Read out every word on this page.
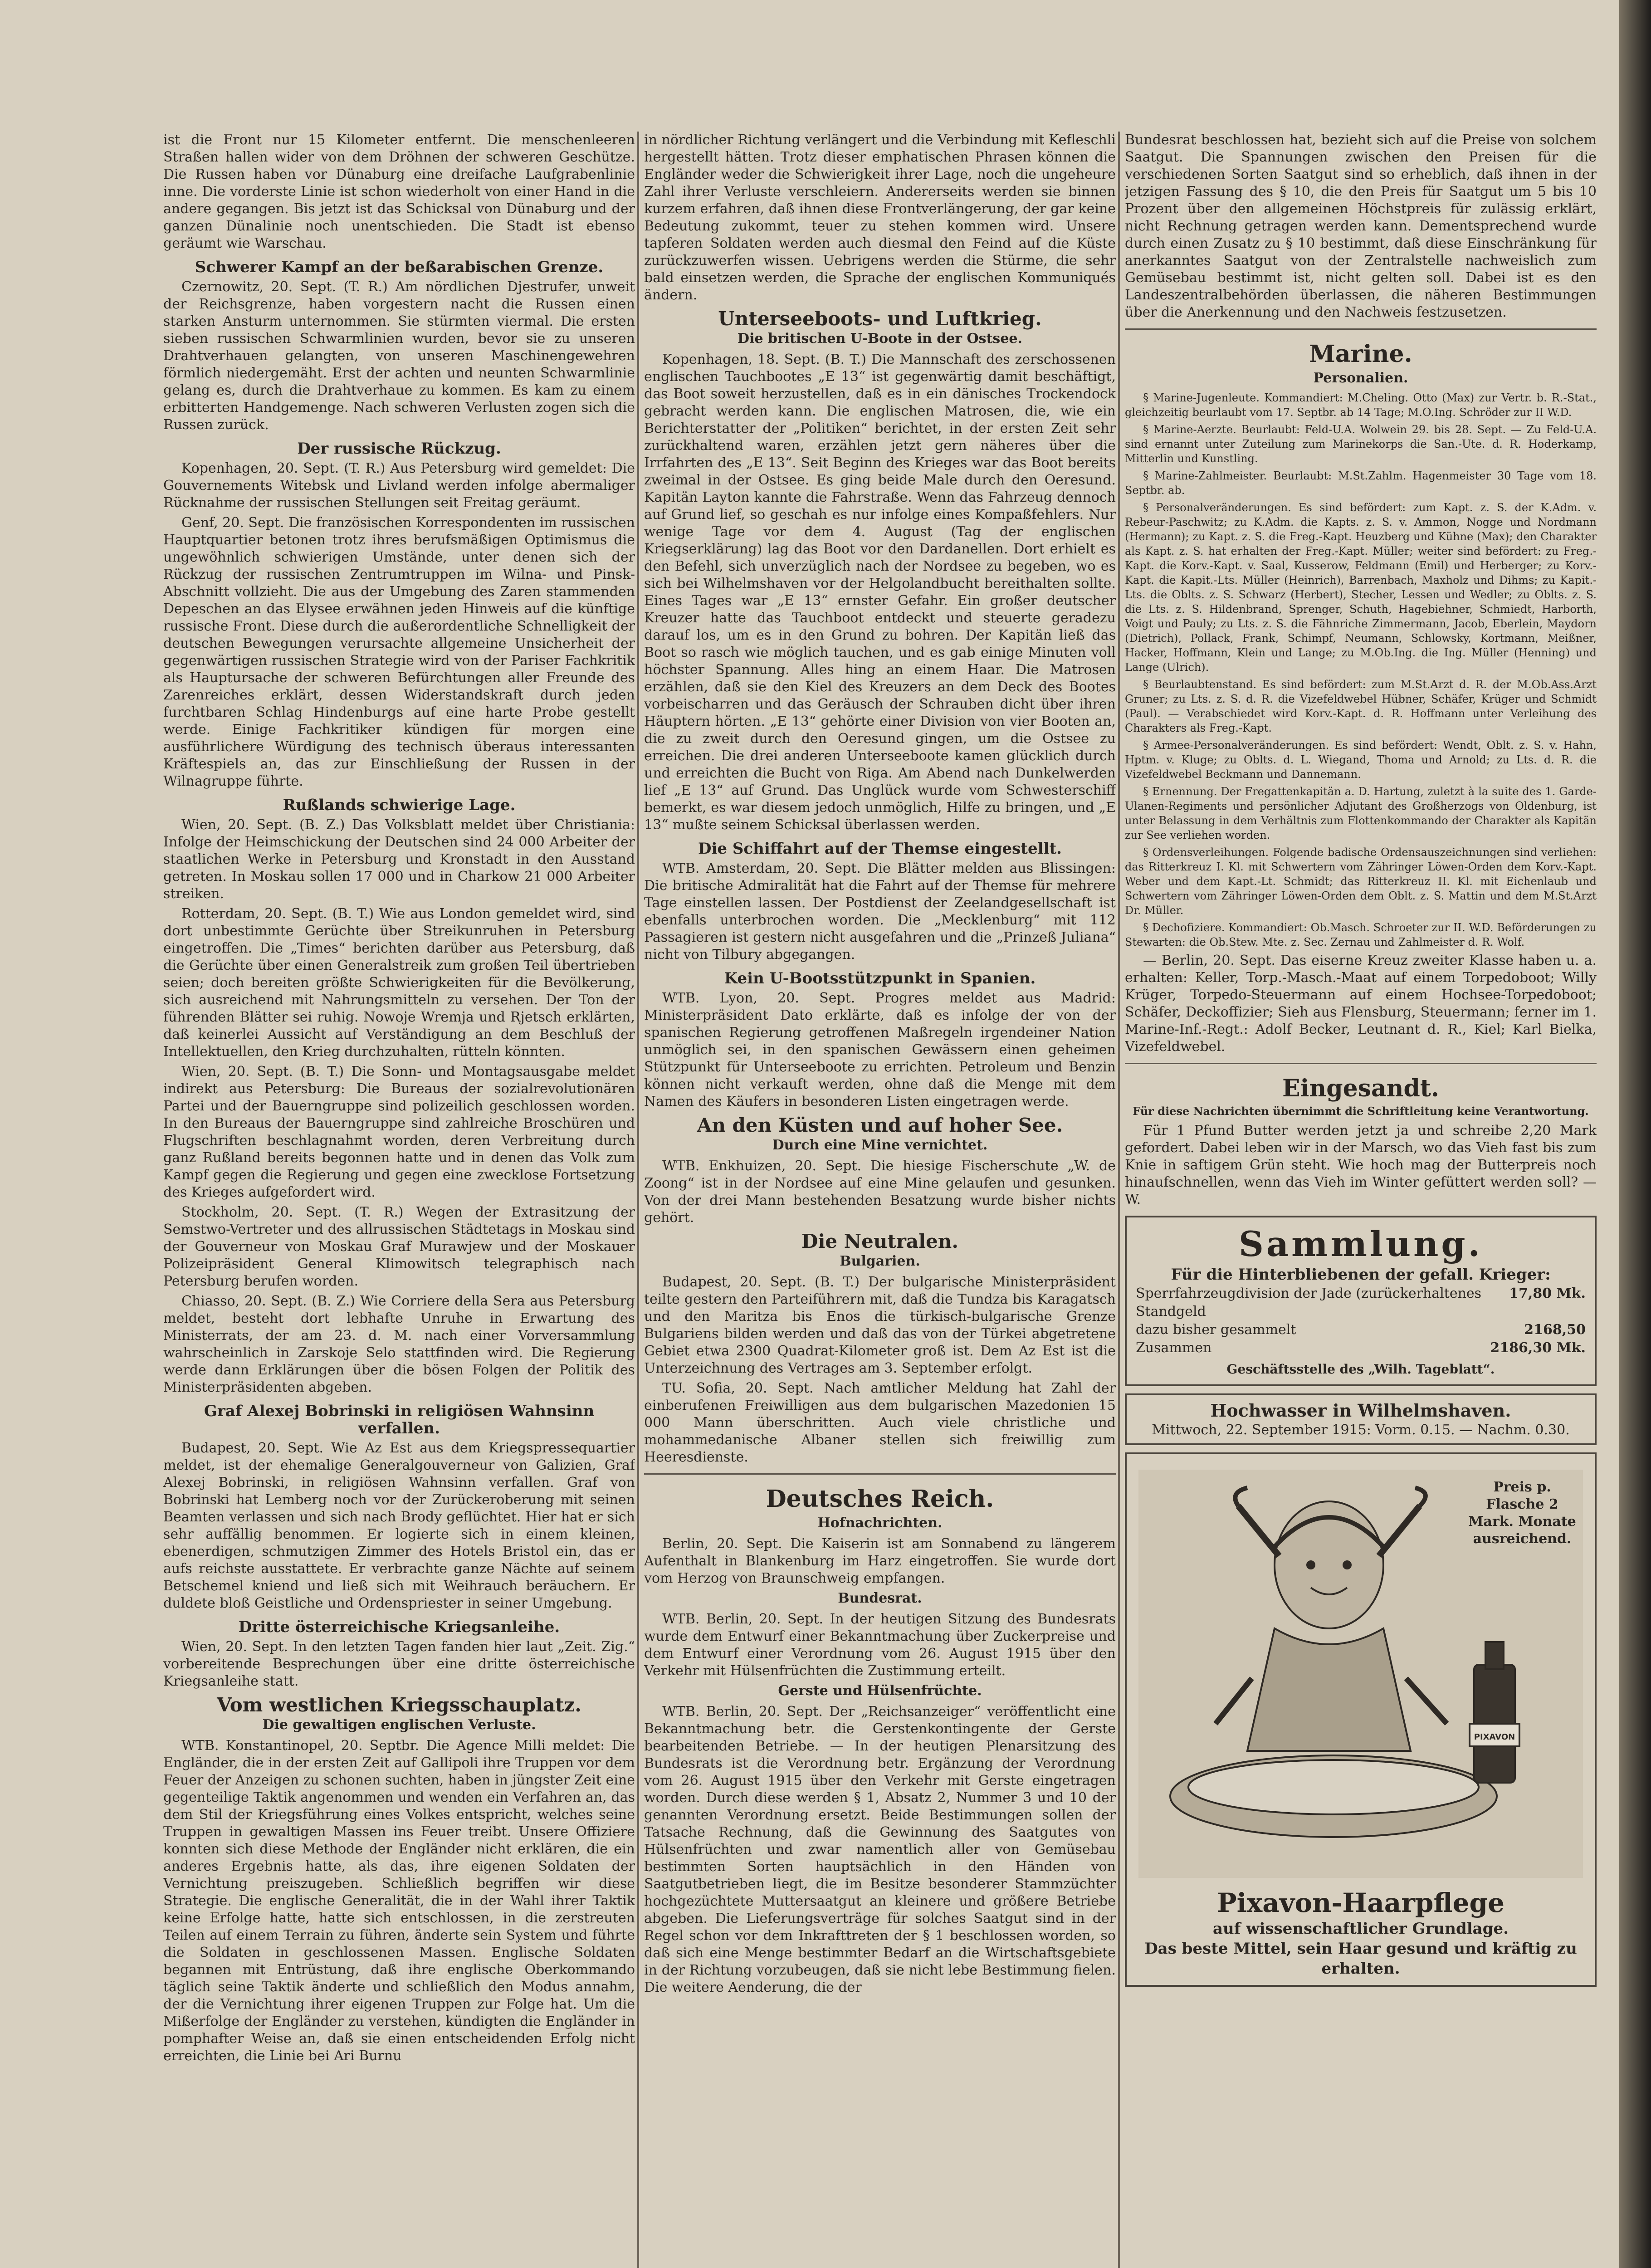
ist die Front nur 15 Kilometer entfernt. Die menschenleeren Straßen hallen wider von dem Dröhnen der schweren Geschütze. Die Russen haben vor Dünaburg eine dreifache Laufgrabenlinie inne. Die vorderste Linie ist schon wiederholt von einer Hand in die andere gegangen. Bis jetzt ist das Schicksal von Dünaburg und der ganzen Dünalinie noch unentschieden. Die Stadt ist ebenso geräumt wie Warschau.

Schwerer Kampf an der beßarabischen Grenze.

Czernowitz, 20. Sept. (T. R.) Am nördlichen Djestrufer, unweit der Reichsgrenze, haben vorgestern nacht die Russen einen starken Ansturm unternommen. Sie stürmten viermal. Die ersten sieben russischen Schwarmlinien wurden, bevor sie zu unseren Drahtverhauen gelangten, von unseren Maschinengewehren förmlich niedergemäht. Erst der achten und neunten Schwarmlinie gelang es, durch die Drahtverhaue zu kommen. Es kam zu einem erbitterten Handgemenge. Nach schweren Verlusten zogen sich die Russen zurück.

Der russische Rückzug.

Kopenhagen, 20. Sept. (T. R.) Aus Petersburg wird gemeldet: Die Gouvernements Witebsk und Livland werden infolge abermaliger Rücknahme der russischen Stellungen seit Freitag geräumt.

Genf, 20. Sept. Die französischen Korrespondenten im russischen Hauptquartier betonen trotz ihres berufsmäßigen Optimismus die ungewöhnlich schwierigen Umstände, unter denen sich der Rückzug der russischen Zentrumtruppen im Wilna- und Pinsk-Abschnitt vollzieht. Die aus der Umgebung des Zaren stammenden Depeschen an das Elysee erwähnen jeden Hinweis auf die künftige russische Front. Diese durch die außerordentliche Schnelligkeit der deutschen Bewegungen verursachte allgemeine Unsicherheit der gegenwärtigen russischen Strategie wird von der Pariser Fachkritik als Hauptursache der schweren Befürchtungen aller Freunde des Zarenreiches erklärt, dessen Widerstandskraft durch jeden furchtbaren Schlag Hindenburgs auf eine harte Probe gestellt werde. Einige Fachkritiker kündigen für morgen eine ausführlichere Würdigung des technisch überaus interessanten Kräftespiels an, das zur Einschließung der Russen in der Wilnagruppe führte.

Rußlands schwierige Lage.

Wien, 20. Sept. (B. Z.) Das Volksblatt meldet über Christiania: Infolge der Heimschickung der Deutschen sind 24 000 Arbeiter der staatlichen Werke in Petersburg und Kronstadt in den Ausstand getreten. In Moskau sollen 17 000 und in Charkow 21 000 Arbeiter streiken.

Rotterdam, 20. Sept. (B. T.) Wie aus London gemeldet wird, sind dort unbestimmte Gerüchte über Streikunruhen in Petersburg eingetroffen. Die „Times“ berichten darüber aus Petersburg, daß die Gerüchte über einen Generalstreik zum großen Teil übertrieben seien; doch bereiten größte Schwierigkeiten für die Bevölkerung, sich ausreichend mit Nahrungsmitteln zu versehen. Der Ton der führenden Blätter sei ruhig. Nowoje Wremja und Rjetsch erklärten, daß keinerlei Aussicht auf Verständigung an dem Beschluß der Intellektuellen, den Krieg durchzuhalten, rütteln könnten.

Wien, 20. Sept. (B. T.) Die Sonn- und Montagsausgabe meldet indirekt aus Petersburg: Die Bureaus der sozialrevolutionären Partei und der Bauerngruppe sind polizeilich geschlossen worden. In den Bureaus der Bauerngruppe sind zahlreiche Broschüren und Flugschriften beschlagnahmt worden, deren Verbreitung durch ganz Rußland bereits begonnen hatte und in denen das Volk zum Kampf gegen die Regierung und gegen eine zwecklose Fortsetzung des Krieges aufgefordert wird.

Stockholm, 20. Sept. (T. R.) Wegen der Extrasitzung der Semstwo-Vertreter und des allrussischen Städtetags in Moskau sind der Gouverneur von Moskau Graf Murawjew und der Moskauer Polizeipräsident General Klimowitsch telegraphisch nach Petersburg berufen worden.

Chiasso, 20. Sept. (B. Z.) Wie Corriere della Sera aus Petersburg meldet, besteht dort lebhafte Unruhe in Erwartung des Ministerrats, der am 23. d. M. nach einer Vorversammlung wahrscheinlich in Zarskoje Selo stattfinden wird. Die Regierung werde dann Erklärungen über die bösen Folgen der Politik des Ministerpräsidenten abgeben.

Graf Alexej Bobrinski in religiösen Wahnsinn verfallen.

Budapest, 20. Sept. Wie Az Est aus dem Kriegspressequartier meldet, ist der ehemalige Generalgouverneur von Galizien, Graf Alexej Bobrinski, in religiösen Wahnsinn verfallen. Graf von Bobrinski hat Lemberg noch vor der Zurückeroberung mit seinen Beamten verlassen und sich nach Brody geflüchtet. Hier hat er sich sehr auffällig benommen. Er logierte sich in einem kleinen, ebenerdigen, schmutzigen Zimmer des Hotels Bristol ein, das er aufs reichste ausstattete. Er verbrachte ganze Nächte auf seinem Betschemel kniend und ließ sich mit Weihrauch beräuchern. Er duldete bloß Geistliche und Ordenspriester in seiner Umgebung.

Dritte österreichische Kriegsanleihe.

Wien, 20. Sept. In den letzten Tagen fanden hier laut „Zeit. Zig.“ vorbereitende Besprechungen über eine dritte österreichische Kriegsanleihe statt.

Vom westlichen Kriegsschauplatz.

Die gewaltigen englischen Verluste.

WTB. Konstantinopel, 20. Septbr. Die Agence Milli meldet: Die Engländer, die in der ersten Zeit auf Gallipoli ihre Truppen vor dem Feuer der Anzeigen zu schonen suchten, haben in jüngster Zeit eine gegenteilige Taktik angenommen und wenden ein Verfahren an, das dem Stil der Kriegsführung eines Volkes entspricht, welches seine Truppen in gewaltigen Massen ins Feuer treibt. Unsere Offiziere konnten sich diese Methode der Engländer nicht erklären, die ein anderes Ergebnis hatte, als das, ihre eigenen Soldaten der Vernichtung preiszugeben. Schließlich begriffen wir diese Strategie. Die englische Generalität, die in der Wahl ihrer Taktik keine Erfolge hatte, hatte sich entschlossen, in die zerstreuten Teilen auf einem Terrain zu führen, änderte sein System und führte die Soldaten in geschlossenen Massen. Englische Soldaten begannen mit Entrüstung, daß ihre englische Oberkommando täglich seine Taktik änderte und schließlich den Modus annahm, der die Vernichtung ihrer eigenen Truppen zur Folge hat. Um die Mißerfolge der Engländer zu verstehen, kündigten die Engländer in pomphafter Weise an, daß sie einen entscheidenden Erfolg nicht erreichten, die Linie bei Ari Burnu

in nördlicher Richtung verlängert und die Verbindung mit Kefleschli hergestellt hätten. Trotz dieser emphatischen Phrasen können die Engländer weder die Schwierigkeit ihrer Lage, noch die ungeheure Zahl ihrer Verluste verschleiern. Andererseits werden sie binnen kurzem erfahren, daß ihnen diese Frontverlängerung, der gar keine Bedeutung zukommt, teuer zu stehen kommen wird. Unsere tapferen Soldaten werden auch diesmal den Feind auf die Küste zurückzuwerfen wissen. Uebrigens werden die Stürme, die sehr bald einsetzen werden, die Sprache der englischen Kommuniqués ändern.

Unterseeboots- und Luftkrieg.

Die britischen U-Boote in der Ostsee.

Kopenhagen, 18. Sept. (B. T.) Die Mannschaft des zerschossenen englischen Tauchbootes „E 13“ ist gegenwärtig damit beschäftigt, das Boot soweit herzustellen, daß es in ein dänisches Trockendock gebracht werden kann. Die englischen Matrosen, die, wie ein Berichterstatter der „Politiken“ berichtet, in der ersten Zeit sehr zurückhaltend waren, erzählen jetzt gern näheres über die Irrfahrten des „E 13“. Seit Beginn des Krieges war das Boot bereits zweimal in der Ostsee. Es ging beide Male durch den Oeresund. Kapitän Layton kannte die Fahrstraße. Wenn das Fahrzeug dennoch auf Grund lief, so geschah es nur infolge eines Kompaßfehlers. Nur wenige Tage vor dem 4. August (Tag der englischen Kriegserklärung) lag das Boot vor den Dardanellen. Dort erhielt es den Befehl, sich unverzüglich nach der Nordsee zu begeben, wo es sich bei Wilhelmshaven vor der Helgolandbucht bereithalten sollte. Eines Tages war „E 13“ ernster Gefahr. Ein großer deutscher Kreuzer hatte das Tauchboot entdeckt und steuerte geradezu darauf los, um es in den Grund zu bohren. Der Kapitän ließ das Boot so rasch wie möglich tauchen, und es gab einige Minuten voll höchster Spannung. Alles hing an einem Haar. Die Matrosen erzählen, daß sie den Kiel des Kreuzers an dem Deck des Bootes vorbeischarren und das Geräusch der Schrauben dicht über ihren Häuptern hörten. „E 13“ gehörte einer Division von vier Booten an, die zu zweit durch den Oeresund gingen, um die Ostsee zu erreichen. Die drei anderen Unterseeboote kamen glücklich durch und erreichten die Bucht von Riga. Am Abend nach Dunkelwerden lief „E 13“ auf Grund. Das Unglück wurde vom Schwesterschiff bemerkt, es war diesem jedoch unmöglich, Hilfe zu bringen, und „E 13“ mußte seinem Schicksal überlassen werden.

Die Schiffahrt auf der Themse eingestellt.

WTB. Amsterdam, 20. Sept. Die Blätter melden aus Blissingen: Die britische Admiralität hat die Fahrt auf der Themse für mehrere Tage einstellen lassen. Der Postdienst der Zeelandgesellschaft ist ebenfalls unterbrochen worden. Die „Mecklenburg“ mit 112 Passagieren ist gestern nicht ausgefahren und die „Prinzeß Juliana“ nicht von Tilbury abgegangen.

Kein U-Bootsstützpunkt in Spanien.

WTB. Lyon, 20. Sept. Progres meldet aus Madrid: Ministerpräsident Dato erklärte, daß es infolge der von der spanischen Regierung getroffenen Maßregeln irgendeiner Nation unmöglich sei, in den spanischen Gewässern einen geheimen Stützpunkt für Unterseeboote zu errichten. Petroleum und Benzin können nicht verkauft werden, ohne daß die Menge mit dem Namen des Käufers in besonderen Listen eingetragen werde.

An den Küsten und auf hoher See.

Durch eine Mine vernichtet.

WTB. Enkhuizen, 20. Sept. Die hiesige Fischerschute „W. de Zoong“ ist in der Nordsee auf eine Mine gelaufen und gesunken. Von der drei Mann bestehenden Besatzung wurde bisher nichts gehört.

Die Neutralen.

Bulgarien.

Budapest, 20. Sept. (B. T.) Der bulgarische Ministerpräsident teilte gestern den Parteiführern mit, daß die Tundza bis Karagatsch und den Maritza bis Enos die türkisch-bulgarische Grenze Bulgariens bilden werden und daß das von der Türkei abgetretene Gebiet etwa 2300 Quadrat-Kilometer groß ist. Dem Az Est ist die Unterzeichnung des Vertrages am 3. September erfolgt.

TU. Sofia, 20. Sept. Nach amtlicher Meldung hat Zahl der einberufenen Freiwilligen aus dem bulgarischen Mazedonien 15 000 Mann überschritten. Auch viele christliche und mohammedanische Albaner stellen sich freiwillig zum Heeresdienste.

Deutsches Reich.

Hofnachrichten.

Berlin, 20. Sept. Die Kaiserin ist am Sonnabend zu längerem Aufenthalt in Blankenburg im Harz eingetroffen. Sie wurde dort vom Herzog von Braunschweig empfangen.

Bundesrat.

WTB. Berlin, 20. Sept. In der heutigen Sitzung des Bundesrats wurde dem Entwurf einer Bekanntmachung über Zuckerpreise und dem Entwurf einer Verordnung vom 26. August 1915 über den Verkehr mit Hülsenfrüchten die Zustimmung erteilt.

Gerste und Hülsenfrüchte.

WTB. Berlin, 20. Sept. Der „Reichsanzeiger“ veröffentlicht eine Bekanntmachung betr. die Gerstenkontingente der Gerste bearbeitenden Betriebe. — In der heutigen Plenarsitzung des Bundesrats ist die Verordnung betr. Ergänzung der Verordnung vom 26. August 1915 über den Verkehr mit Gerste eingetragen worden. Durch diese werden § 1, Absatz 2, Nummer 3 und 10 der genannten Verordnung ersetzt. Beide Bestimmungen sollen der Tatsache Rechnung, daß die Gewinnung des Saatgutes von Hülsenfrüchten und zwar namentlich aller von Gemüsebau bestimmten Sorten hauptsächlich in den Händen von Saatgutbetrieben liegt, die im Besitze besonderer Stammzüchter hochgezüchtete Muttersaatgut an kleinere und größere Betriebe abgeben. Die Lieferungsverträge für solches Saatgut sind in der Regel schon vor dem Inkrafttreten der § 1 beschlossen worden, so daß sich eine Menge bestimmter Bedarf an die Wirtschaftsgebiete in der Richtung vorzubeugen, daß sie nicht lebe Bestimmung fielen. Die weitere Aenderung, die der

Bundesrat beschlossen hat, bezieht sich auf die Preise von solchem Saatgut. Die Spannungen zwischen den Preisen für die verschiedenen Sorten Saatgut sind so erheblich, daß ihnen in der jetzigen Fassung des § 10, die den Preis für Saatgut um 5 bis 10 Prozent über den allgemeinen Höchstpreis für zulässig erklärt, nicht Rechnung getragen werden kann. Dementsprechend wurde durch einen Zusatz zu § 10 bestimmt, daß diese Einschränkung für anerkanntes Saatgut von der Zentralstelle nachweislich zum Gemüsebau bestimmt ist, nicht gelten soll. Dabei ist es den Landeszentralbehörden überlassen, die näheren Bestimmungen über die Anerkennung und den Nachweis festzusetzen.

Marine.

Personalien.

§ Marine-Jugenleute. Kommandiert: M.Cheling. Otto (Max) zur Vertr. b. R.-Stat., gleichzeitig beurlaubt vom 17. Septbr. ab 14 Tage; M.O.Ing. Schröder zur II W.D.

§ Marine-Aerzte. Beurlaubt: Feld-U.A. Wolwein 29. bis 28. Sept. — Zu Feld-U.A. sind ernannt unter Zuteilung zum Marinekorps die San.-Ute. d. R. Hoderkamp, Mitterlin und Kunstling.

§ Marine-Zahlmeister. Beurlaubt: M.St.Zahlm. Hagenmeister 30 Tage vom 18. Septbr. ab.

§ Personalveränderungen. Es sind befördert: zum Kapt. z. S. der K.Adm. v. Rebeur-Paschwitz; zu K.Adm. die Kapts. z. S. v. Ammon, Nogge und Nordmann (Hermann); zu Kapt. z. S. die Freg.-Kapt. Heuzberg und Kühne (Max); den Charakter als Kapt. z. S. hat erhalten der Freg.-Kapt. Müller; weiter sind befördert: zu Freg.-Kapt. die Korv.-Kapt. v. Saal, Kusserow, Feldmann (Emil) und Herberger; zu Korv.-Kapt. die Kapit.-Lts. Müller (Heinrich), Barrenbach, Maxholz und Dihms; zu Kapit.-Lts. die Oblts. z. S. Schwarz (Herbert), Stecher, Lessen und Wedler; zu Oblts. z. S. die Lts. z. S. Hildenbrand, Sprenger, Schuth, Hagebiehner, Schmiedt, Harborth, Voigt und Pauly; zu Lts. z. S. die Fähnriche Zimmermann, Jacob, Eberlein, Maydorn (Dietrich), Pollack, Frank, Schimpf, Neumann, Schlowsky, Kortmann, Meißner, Hacker, Hoffmann, Klein und Lange; zu M.Ob.Ing. die Ing. Müller (Henning) und Lange (Ulrich).

§ Beurlaubtenstand. Es sind befördert: zum M.St.Arzt d. R. der M.Ob.Ass.Arzt Gruner; zu Lts. z. S. d. R. die Vizefeldwebel Hübner, Schäfer, Krüger und Schmidt (Paul). — Verabschiedet wird Korv.-Kapt. d. R. Hoffmann unter Verleihung des Charakters als Freg.-Kapt.

§ Armee-Personalveränderungen. Es sind befördert: Wendt, Oblt. z. S. v. Hahn, Hptm. v. Kluge; zu Oblts. d. L. Wiegand, Thoma und Arnold; zu Lts. d. R. die Vizefeldwebel Beckmann und Dannemann.

§ Ernennung. Der Fregattenkapitän a. D. Hartung, zuletzt à la suite des 1. Garde-Ulanen-Regiments und persönlicher Adjutant des Großherzogs von Oldenburg, ist unter Belassung in dem Verhältnis zum Flottenkommando der Charakter als Kapitän zur See verliehen worden.

§ Ordensverleihungen. Folgende badische Ordensauszeichnungen sind verliehen: das Ritterkreuz I. Kl. mit Schwertern vom Zähringer Löwen-Orden dem Korv.-Kapt. Weber und dem Kapt.-Lt. Schmidt; das Ritterkreuz II. Kl. mit Eichenlaub und Schwertern vom Zähringer Löwen-Orden dem Oblt. z. S. Mattin und dem M.St.Arzt Dr. Müller.

§ Dechofiziere. Kommandiert: Ob.Masch. Schroeter zur II. W.D. Beförderungen zu Stewarten: die Ob.Stew. Mte. z. Sec. Zernau und Zahlmeister d. R. Wolf.

— Berlin, 20. Sept. Das eiserne Kreuz zweiter Klasse haben u. a. erhalten: Keller, Torp.-Masch.-Maat auf einem Torpedoboot; Willy Krüger, Torpedo-Steuermann auf einem Hochsee-Torpedoboot; Schäfer, Deckoffizier; Sieh aus Flensburg, Steuermann; ferner im 1. Marine-Inf.-Regt.: Adolf Becker, Leutnant d. R., Kiel; Karl Bielka, Vizefeldwebel.

Eingesandt.

Für diese Nachrichten übernimmt die Schriftleitung keine Verantwortung.

Für 1 Pfund Butter werden jetzt ja und schreibe 2,20 Mark gefordert. Dabei leben wir in der Marsch, wo das Vieh fast bis zum Knie in saftigem Grün steht. Wie hoch mag der Butterpreis noch hinaufschnellen, wenn das Vieh im Winter gefüttert werden soll? — W.

Sammlung.
Für die Hinterbliebenen der gefall. Krieger:
Sperrfahrzeugdivision der Jade (zurückerhaltenes Standgeld
17,80 Mk.
dazu bisher gesammelt	2168,50
Zusammen	2186,30 Mk.
Geschäftsstelle des „Wilh. Tageblatt“.
Hochwasser in Wilhelmshaven.
Mittwoch, 22. September 1915: Vorm. 0.15. — Nachm. 0.30.
PIXAVON
Preis p. Flasche 2 Mark. Monate ausreichend.
Pixavon-Haarpflege
auf wissenschaftlicher Grundlage.
Das beste Mittel, sein Haar gesund und kräftig zu erhalten.
